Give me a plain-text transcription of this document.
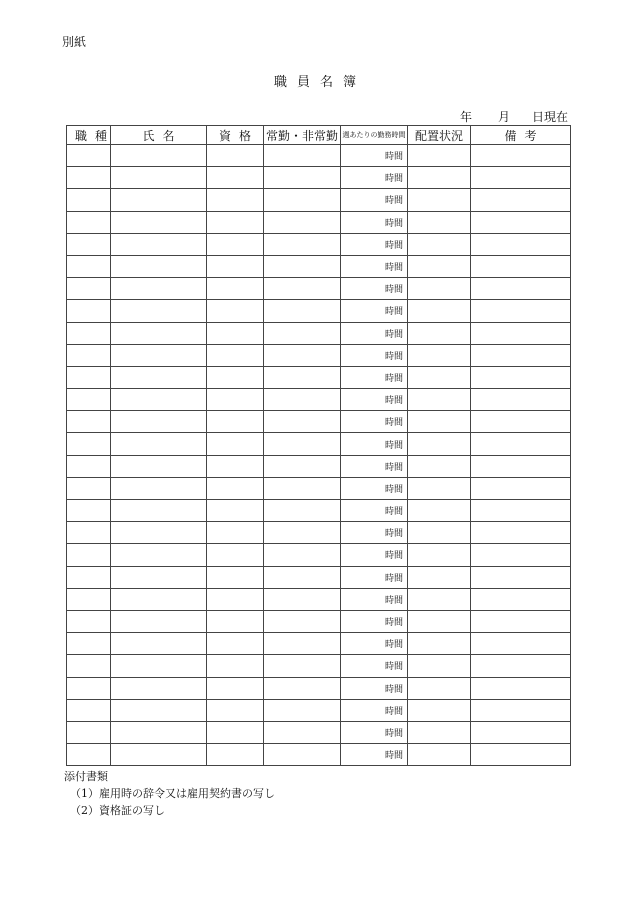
別紙
職員名簿
年 月 日現在
職種	氏名	資格	常勤・非常勤	週あたりの勤務時間	配置状況	備考
				時間		
				時間		
				時間		
				時間		
				時間		
				時間		
				時間		
				時間		
				時間		
				時間		
				時間		
				時間		
				時間		
				時間		
				時間		
				時間		
				時間		
				時間		
				時間		
				時間		
				時間		
				時間		
				時間		
				時間		
				時間		
				時間		
				時間		
				時間		
添付書類
（1）雇用時の辞令又は雇用契約書の写し
（2）資格証の写し
